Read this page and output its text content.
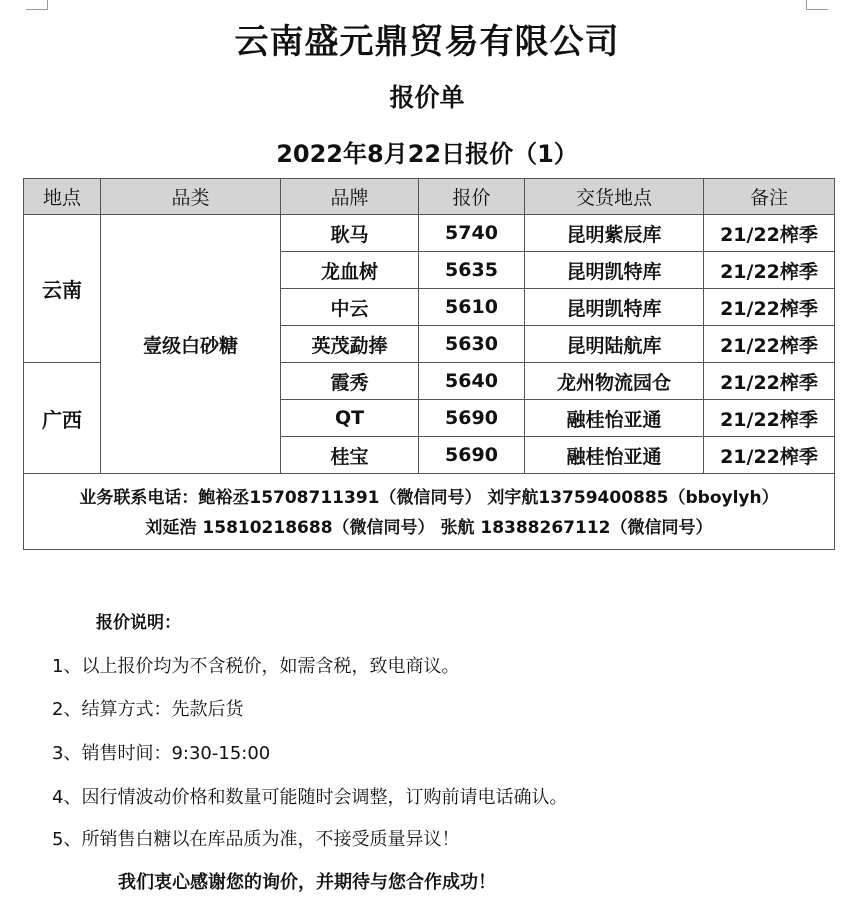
云南盛元鼎贸易有限公司
报价单
2022年8月22日报价（1）
地点	品类	品牌	报价	交货地点	备注
云南	壹级白砂糖	耿马	5740	昆明紫辰库	21/22榨季
		龙血树	5635	昆明凯特库	21/22榨季
		中云	5610	昆明凯特库	21/22榨季
		英茂勐捧	5630	昆明陆航库	21/22榨季
广西		霞秀	5640	龙州物流园仓	21/22榨季
		QT	5690	融桂怡亚通	21/22榨季
		桂宝	5690	融桂怡亚通	21/22榨季

业务联系电话：鲍裕丞15708711391（微信同号） 刘宇航13759400885（bboylyh）
刘延浩 15810218688（微信同号） 张航 18388267112（微信同号）					
报价说明：
1、以上报价均为不含税价，如需含税，致电商议。
2、结算方式：先款后货
3、销售时间：9:30-15:00
4、因行情波动价格和数量可能随时会调整，订购前请电话确认。
5、所销售白糖以在库品质为准，不接受质量异议！
我们衷心感谢您的询价，并期待与您合作成功！
